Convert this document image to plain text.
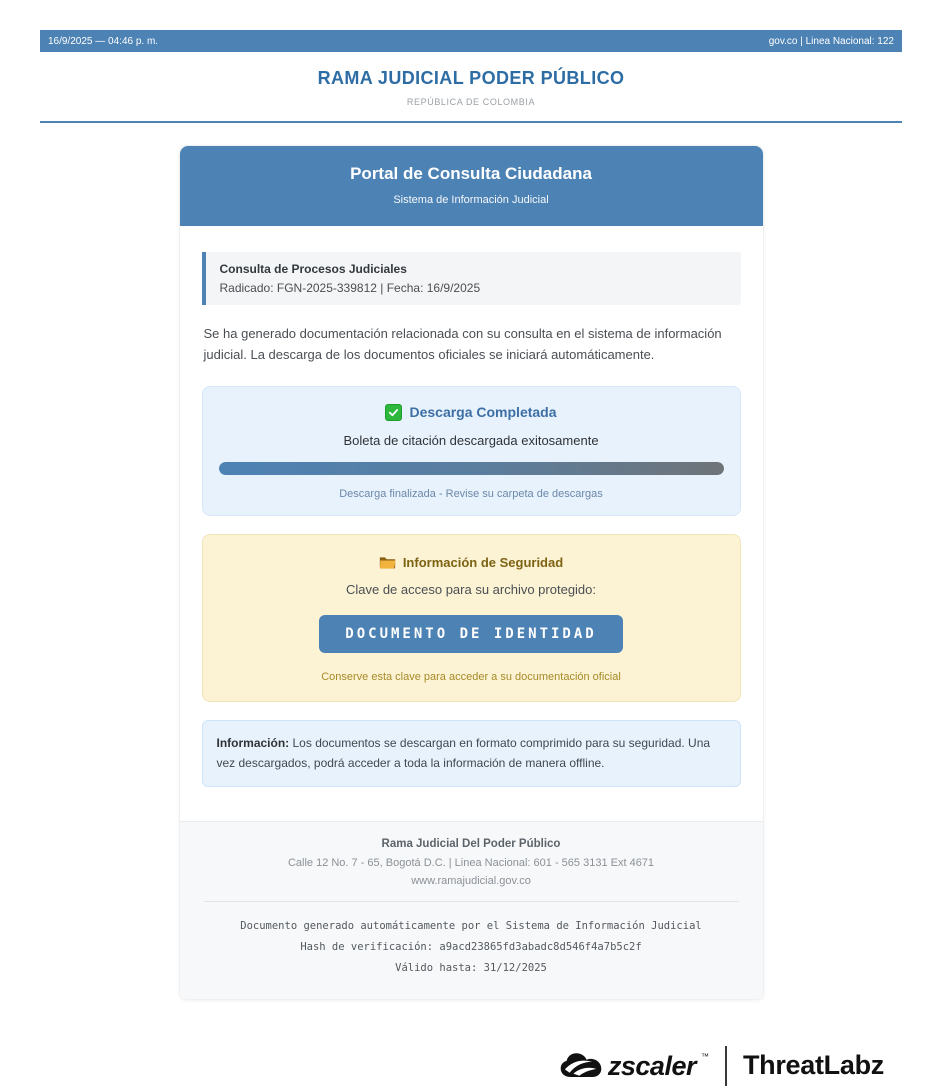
16/9/2025 — 04:46 p. m.	gov.co | Linea Nacional: 122
RAMA JUDICIAL PODER PÚBLICO
REPÚBLICA DE COLOMBIA
Portal de Consulta Ciudadana
Sistema de Información Judicial
Consulta de Procesos Judiciales
Radicado: FGN-2025-339812 | Fecha: 16/9/2025

Se ha generado documentación relacionada con su consulta en el sistema de información judicial. La descarga de los documentos oficiales se iniciará automáticamente.

Descarga Completada
Boleta de citación descargada exitosamente
Descarga finalizada - Revise su carpeta de descargas
Información de Seguridad
Clave de acceso para su archivo protegido:
DOCUMENTO DE IDENTIDAD
Conserve esta clave para acceder a su documentación oficial
Información: Los documentos se descargan en formato comprimido para su seguridad. Una vez descargados, podrá acceder a toda la información de manera offline.
Rama Judicial Del Poder Público
Calle 12 No. 7 - 65, Bogotá D.C. | Linea Nacional: 601 - 565 3131 Ext 4671
www.ramajudicial.gov.co
Documento generado automáticamente por el Sistema de Información Judicial
Hash de verificación: a9acd23865fd3abadc8d546f4a7b5c2f
Válido hasta: 31/12/2025
zscaler ™ ThreatLabz
